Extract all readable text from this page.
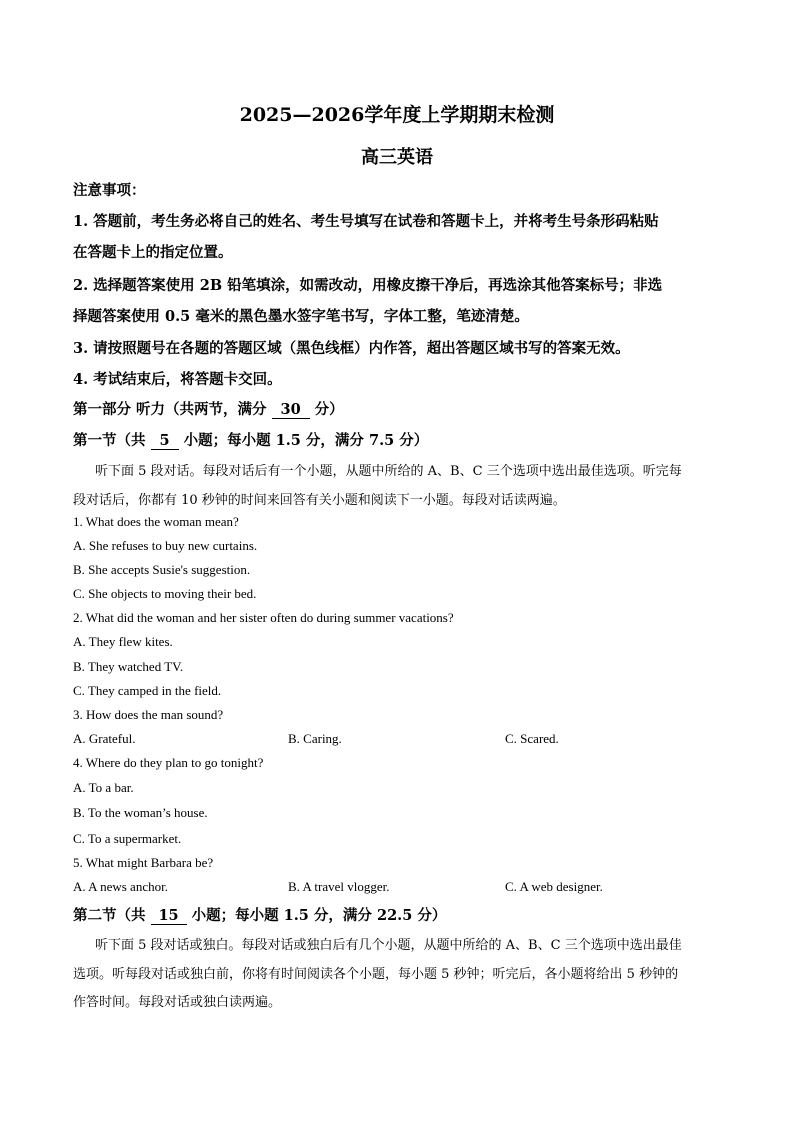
2025—2026学年度上学期期末检测
高三英语
注意事项：
1. 答题前，考生务必将自己的姓名、考生号填写在试卷和答题卡上，并将考生号条形码粘贴
在答题卡上的指定位置。
2. 选择题答案使用 2B 铅笔填涂，如需改动，用橡皮擦干净后，再选涂其他答案标号；非选
择题答案使用 0.5 毫米的黑色墨水签字笔书写，字体工整，笔迹清楚。
3. 请按照题号在各题的答题区域（黑色线框）内作答，超出答题区域书写的答案无效。
4. 考试结束后，将答题卡交回。
第一部分 听力（共两节，满分 30 分）
第一节（共 5 小题；每小题 1.5 分，满分 7.5 分）
听下面 5 段对话。每段对话后有一个小题，从题中所给的 A、B、C 三个选项中选出最佳选项。听完每
段对话后，你都有 10 秒钟的时间来回答有关小题和阅读下一小题。每段对话读两遍。
1. What does the woman mean?
A. She refuses to buy new curtains.
B. She accepts Susie's suggestion.
C. She objects to moving their bed.
2. What did the woman and her sister often do during summer vacations?
A. They flew kites.
B. They watched TV.
C. They camped in the field.
3. How does the man sound?
A. Grateful.	B. Caring.	C. Scared.
4. Where do they plan to go tonight?
A. To a bar.
B. To the woman’s house.
C. To a supermarket.
5. What might Barbara be?
A. A news anchor.	B. A travel vlogger.	C. A web designer.
第二节（共 15 小题；每小题 1.5 分，满分 22.5 分）
听下面 5 段对话或独白。每段对话或独白后有几个小题，从题中所给的 A、B、C 三个选项中选出最佳
选项。听每段对话或独白前，你将有时间阅读各个小题，每小题 5 秒钟；听完后，各小题将给出 5 秒钟的
作答时间。每段对话或独白读两遍。
